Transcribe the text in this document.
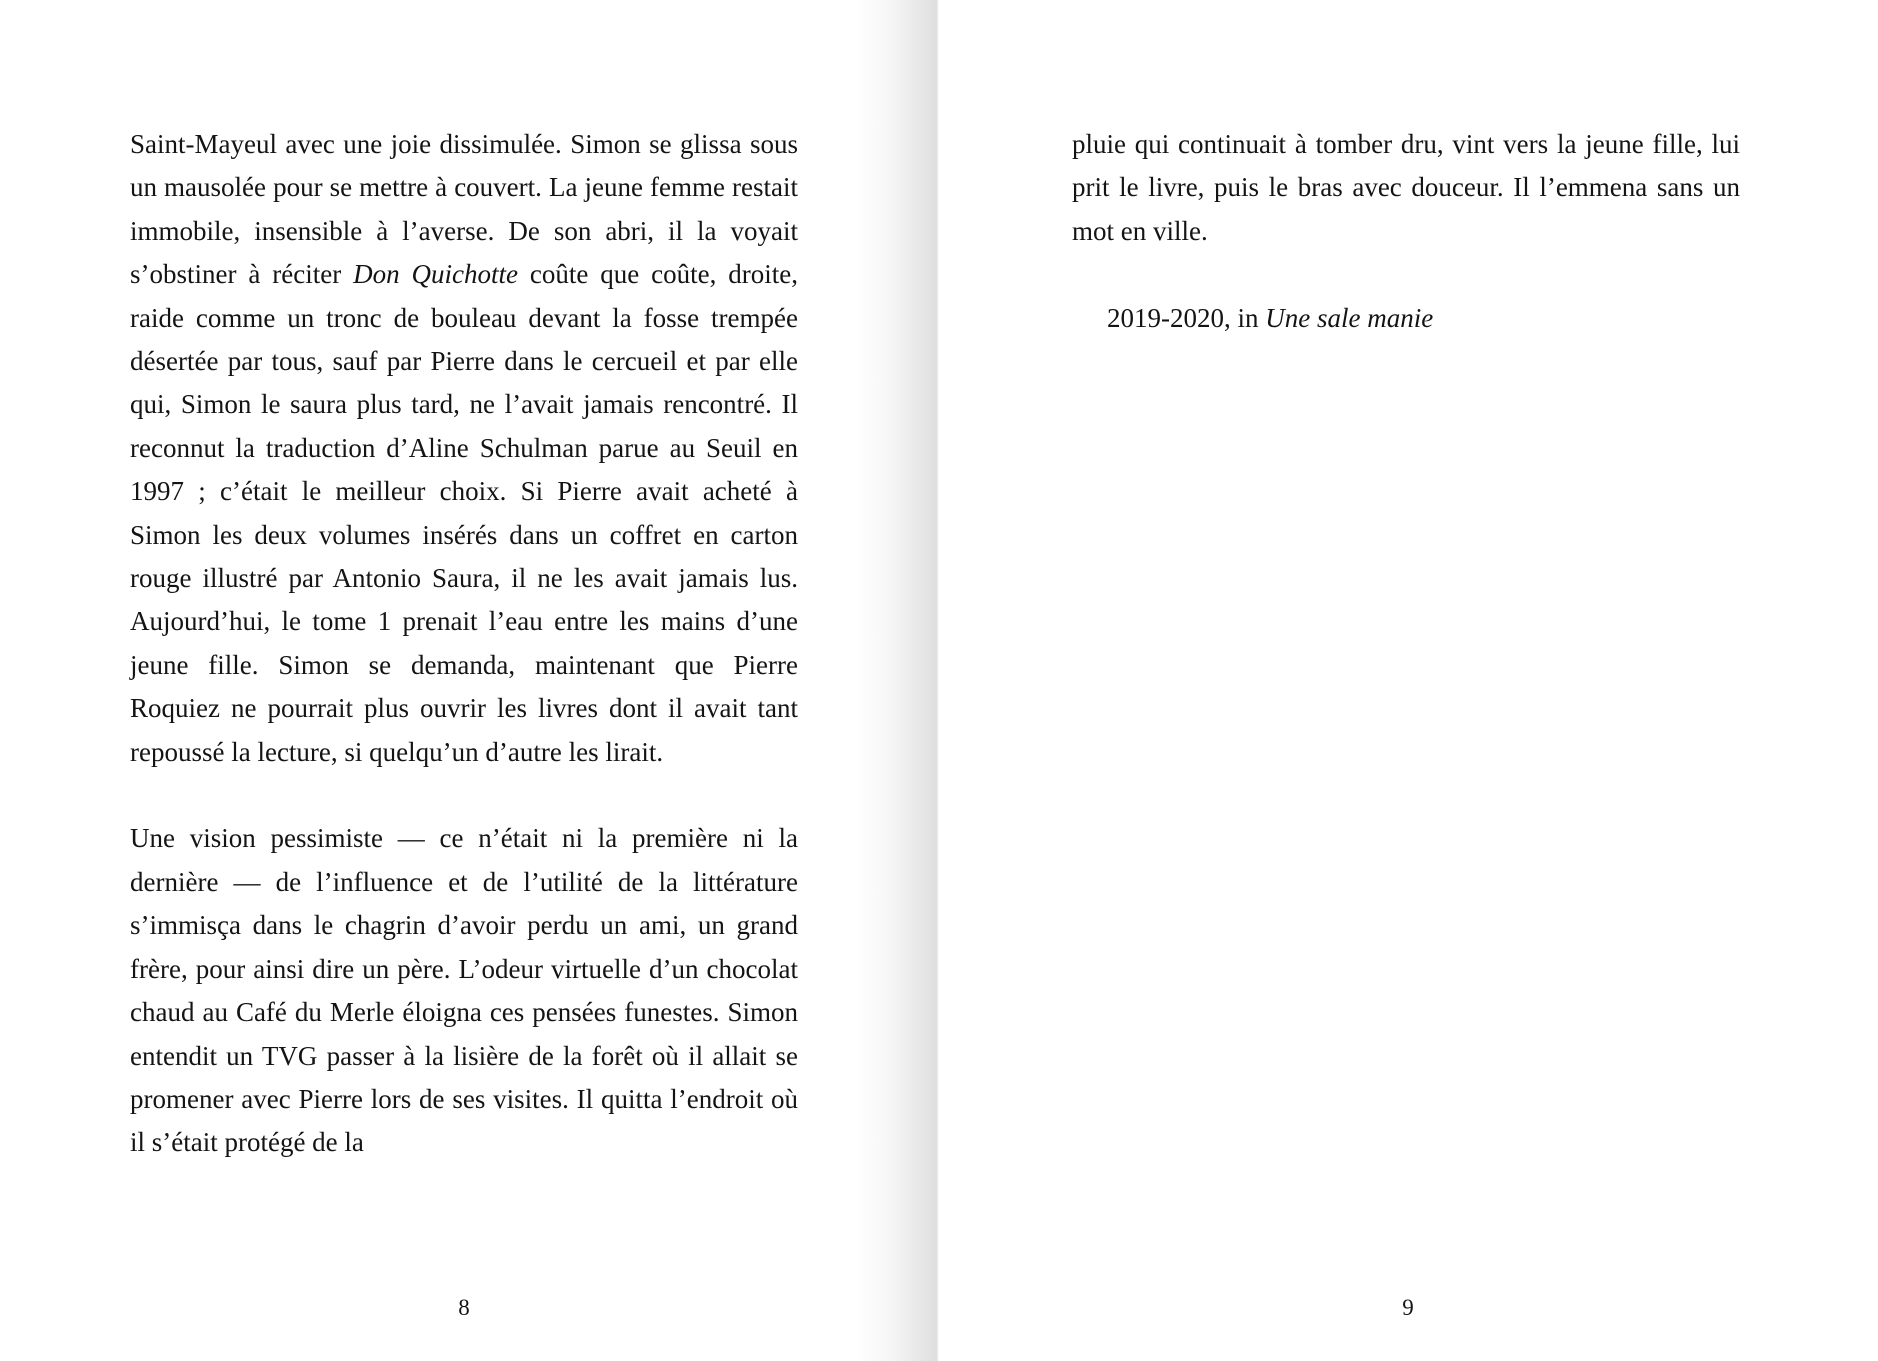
Saint-Mayeul avec une joie dissimulée. Simon se glissa sous un mausolée pour se mettre à couvert. La jeune femme restait immobile, insensible à l’averse. De son abri, il la voyait s’obstiner à réciter Don Quichotte coûte que coûte, droite, raide comme un tronc de bouleau devant la fosse trempée désertée par tous, sauf par Pierre dans le cercueil et par elle qui, Simon le saura plus tard, ne l’avait jamais rencontré. Il reconnut la traduction d’Aline Schulman parue au Seuil en 1997 ; c’était le meilleur choix. Si Pierre avait acheté à Simon les deux volumes insérés dans un coffret en carton rouge illustré par Antonio Saura, il ne les avait jamais lus. Aujourd’hui, le tome 1 prenait l’eau entre les mains d’une jeune fille. Simon se demanda, maintenant que Pierre Roquiez ne pourrait plus ouvrir les livres dont il avait tant repoussé la lecture, si quelqu’un d’autre les lirait.

Une vision pessimiste — ce n’était ni la première ni la dernière — de l’influence et de l’utilité de la littérature s’immisça dans le chagrin d’avoir perdu un ami, un grand frère, pour ainsi dire un père. L’odeur virtuelle d’un chocolat chaud au Café du Merle éloigna ces pensées funestes. Simon entendit un TVG passer à la lisière de la forêt où il allait se promener avec Pierre lors de ses visites. Il quitta l’endroit où il s’était protégé de la

8

pluie qui continuait à tomber dru, vint vers la jeune fille, lui prit le livre, puis le bras avec douceur. Il l’emmena sans un mot en ville.

2019-2020, in Une sale manie
9
